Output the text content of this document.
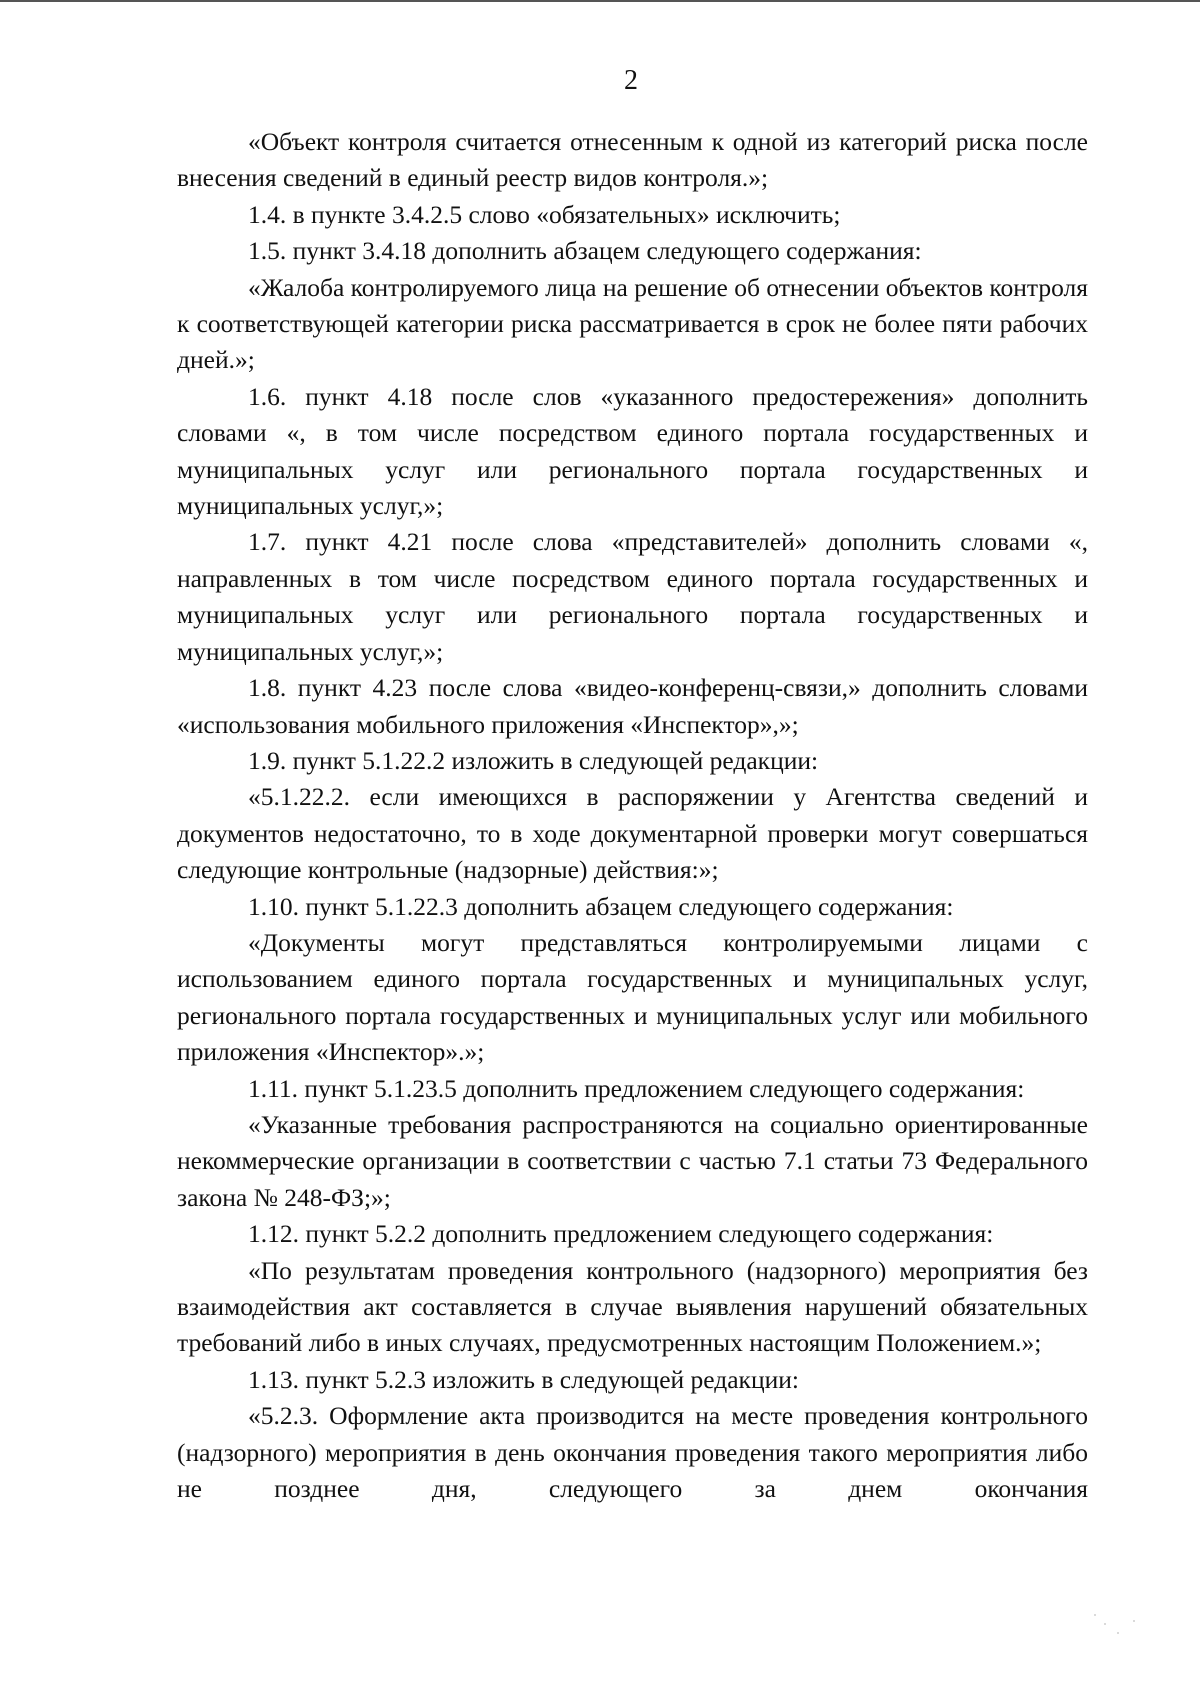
2

«Объект контроля считается отнесенным к одной из категорий риска после внесения сведений в единый реестр видов контроля.»;

1.4. в пункте 3.4.2.5 слово «обязательных» исключить;

1.5. пункт 3.4.18 дополнить абзацем следующего содержания:

«Жалоба контролируемого лица на решение об отнесении объектов контроля к соответствующей категории риска рассматривается в срок не более пяти рабочих дней.»;

1.6. пункт 4.18 после слов «указанного предостережения» дополнить словами «, в том числе посредством единого портала государственных и муниципальных услуг или регионального портала государственных и муниципальных услуг,»;

1.7. пункт 4.21 после слова «представителей» дополнить словами «, направленных в том числе посредством единого портала государственных и муниципальных услуг или регионального портала государственных и муниципальных услуг,»;

1.8. пункт 4.23 после слова «видео-конференц-связи,» дополнить словами «использования мобильного приложения «Инспектор»,»;

1.9. пункт 5.1.22.2 изложить в следующей редакции:

«5.1.22.2. если имеющихся в распоряжении у Агентства сведений и документов недостаточно, то в ходе документарной проверки могут совершаться следующие контрольные (надзорные) действия:»;

1.10. пункт 5.1.22.3 дополнить абзацем следующего содержания:

«Документы могут представляться контролируемыми лицами с использованием единого портала государственных и муниципальных услуг, регионального портала государственных и муниципальных услуг или мобильного приложения «Инспектор».»;

1.11. пункт 5.1.23.5 дополнить предложением следующего содержания:

«Указанные требования распространяются на социально ориентированные некоммерческие организации в соответствии с частью 7.1 статьи 73 Федерального закона № 248-ФЗ;»;

1.12. пункт 5.2.2 дополнить предложением следующего содержания:

«По результатам проведения контрольного (надзорного) мероприятия без взаимодействия акт составляется в случае выявления нарушений обязательных требований либо в иных случаях, предусмотренных настоящим Положением.»;

1.13. пункт 5.2.3 изложить в следующей редакции:

«5.2.3. Оформление акта производится на месте проведения контрольного (надзорного) мероприятия в день окончания проведения такого мероприятия либо не позднее дня, следующего за днем окончания
